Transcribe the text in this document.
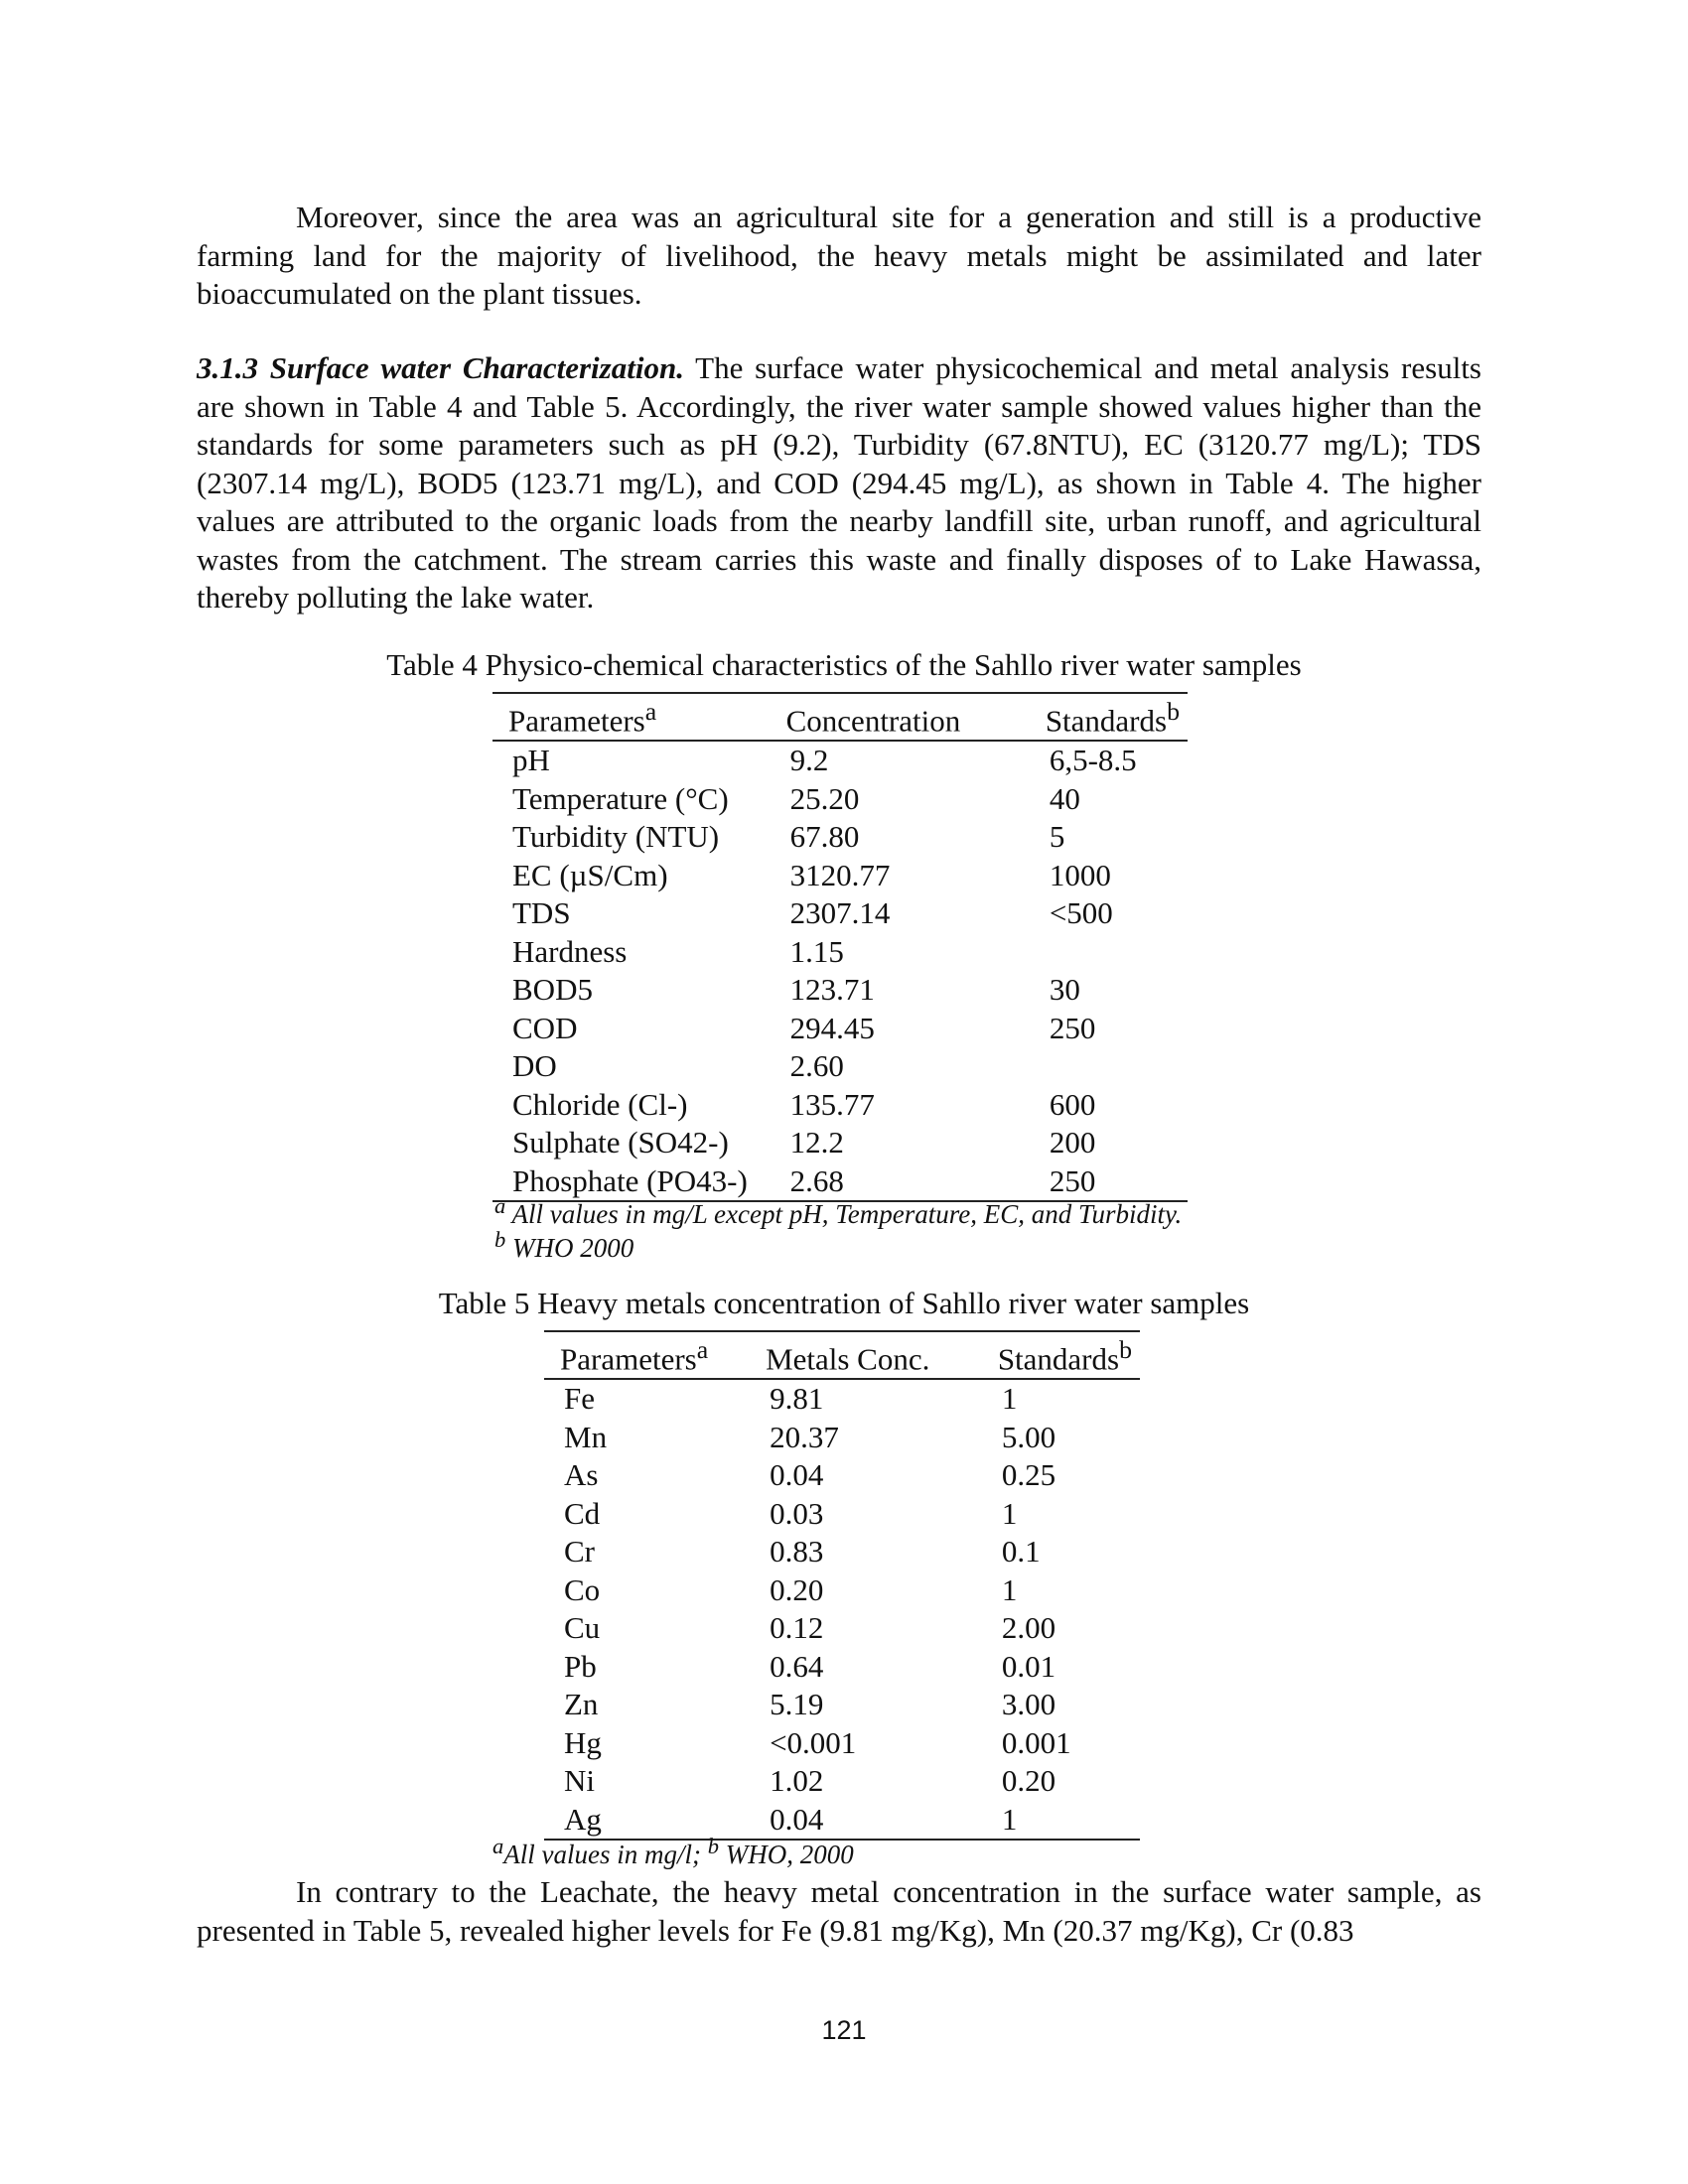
Moreover, since the area was an agricultural site for a generation and still is a productive farming land for the majority of livelihood, the heavy metals might be assimilated and later bioaccumulated on the plant tissues.

3.1.3 Surface water Characterization. The surface water physicochemical and metal analysis results are shown in Table 4 and Table 5. Accordingly, the river water sample showed values higher than the standards for some parameters such as pH (9.2), Turbidity (67.8NTU), EC (3120.77 mg/L); TDS (2307.14 mg/L), BOD5 (123.71 mg/L), and COD (294.45 mg/L), as shown in Table 4. The higher values are attributed to the organic loads from the nearby landfill site, urban runoff, and agricultural wastes from the catchment. The stream carries this waste and finally disposes of to Lake Hawassa, thereby polluting the lake water.

Table 4 Physico-chemical characteristics of the Sahllo river water samples

Parameters$^a$	Concentration	Standards$^b$
pH	9.2	6,5-8.5
Temperature (°C)	25.20	40
Turbidity (NTU)	67.80	5
EC (µS/Cm)	3120.77	1000
TDS	2307.14	<500
Hardness	1.15	
BOD5	123.71	30
COD	294.45	250
DO	2.60	
Chloride (Cl-)	135.77	600
Sulphate (SO42-)	12.2	200
Phosphate (PO43-)	2.68	250

$^a$ All values in mg/L except pH, Temperature, EC, and Turbidity.

$^b$ WHO 2000

Table 5 Heavy metals concentration of Sahllo river water samples

Parameters$^a$	Metals Conc.	Standards$^b$
Fe	9.81	1
Mn	20.37	5.00
As	0.04	0.25
Cd	0.03	1
Cr	0.83	0.1
Co	0.20	1
Cu	0.12	2.00
Pb	0.64	0.01
Zn	5.19	3.00
Hg	<0.001	0.001
Ni	1.02	0.20
Ag	0.04	1

$^a$All values in mg/l; $^b$ WHO, 2000

In contrary to the Leachate, the heavy metal concentration in the surface water sample, as presented in Table 5, revealed higher levels for Fe (9.81 mg/Kg), Mn (20.37 mg/Kg), Cr (0.83

121
